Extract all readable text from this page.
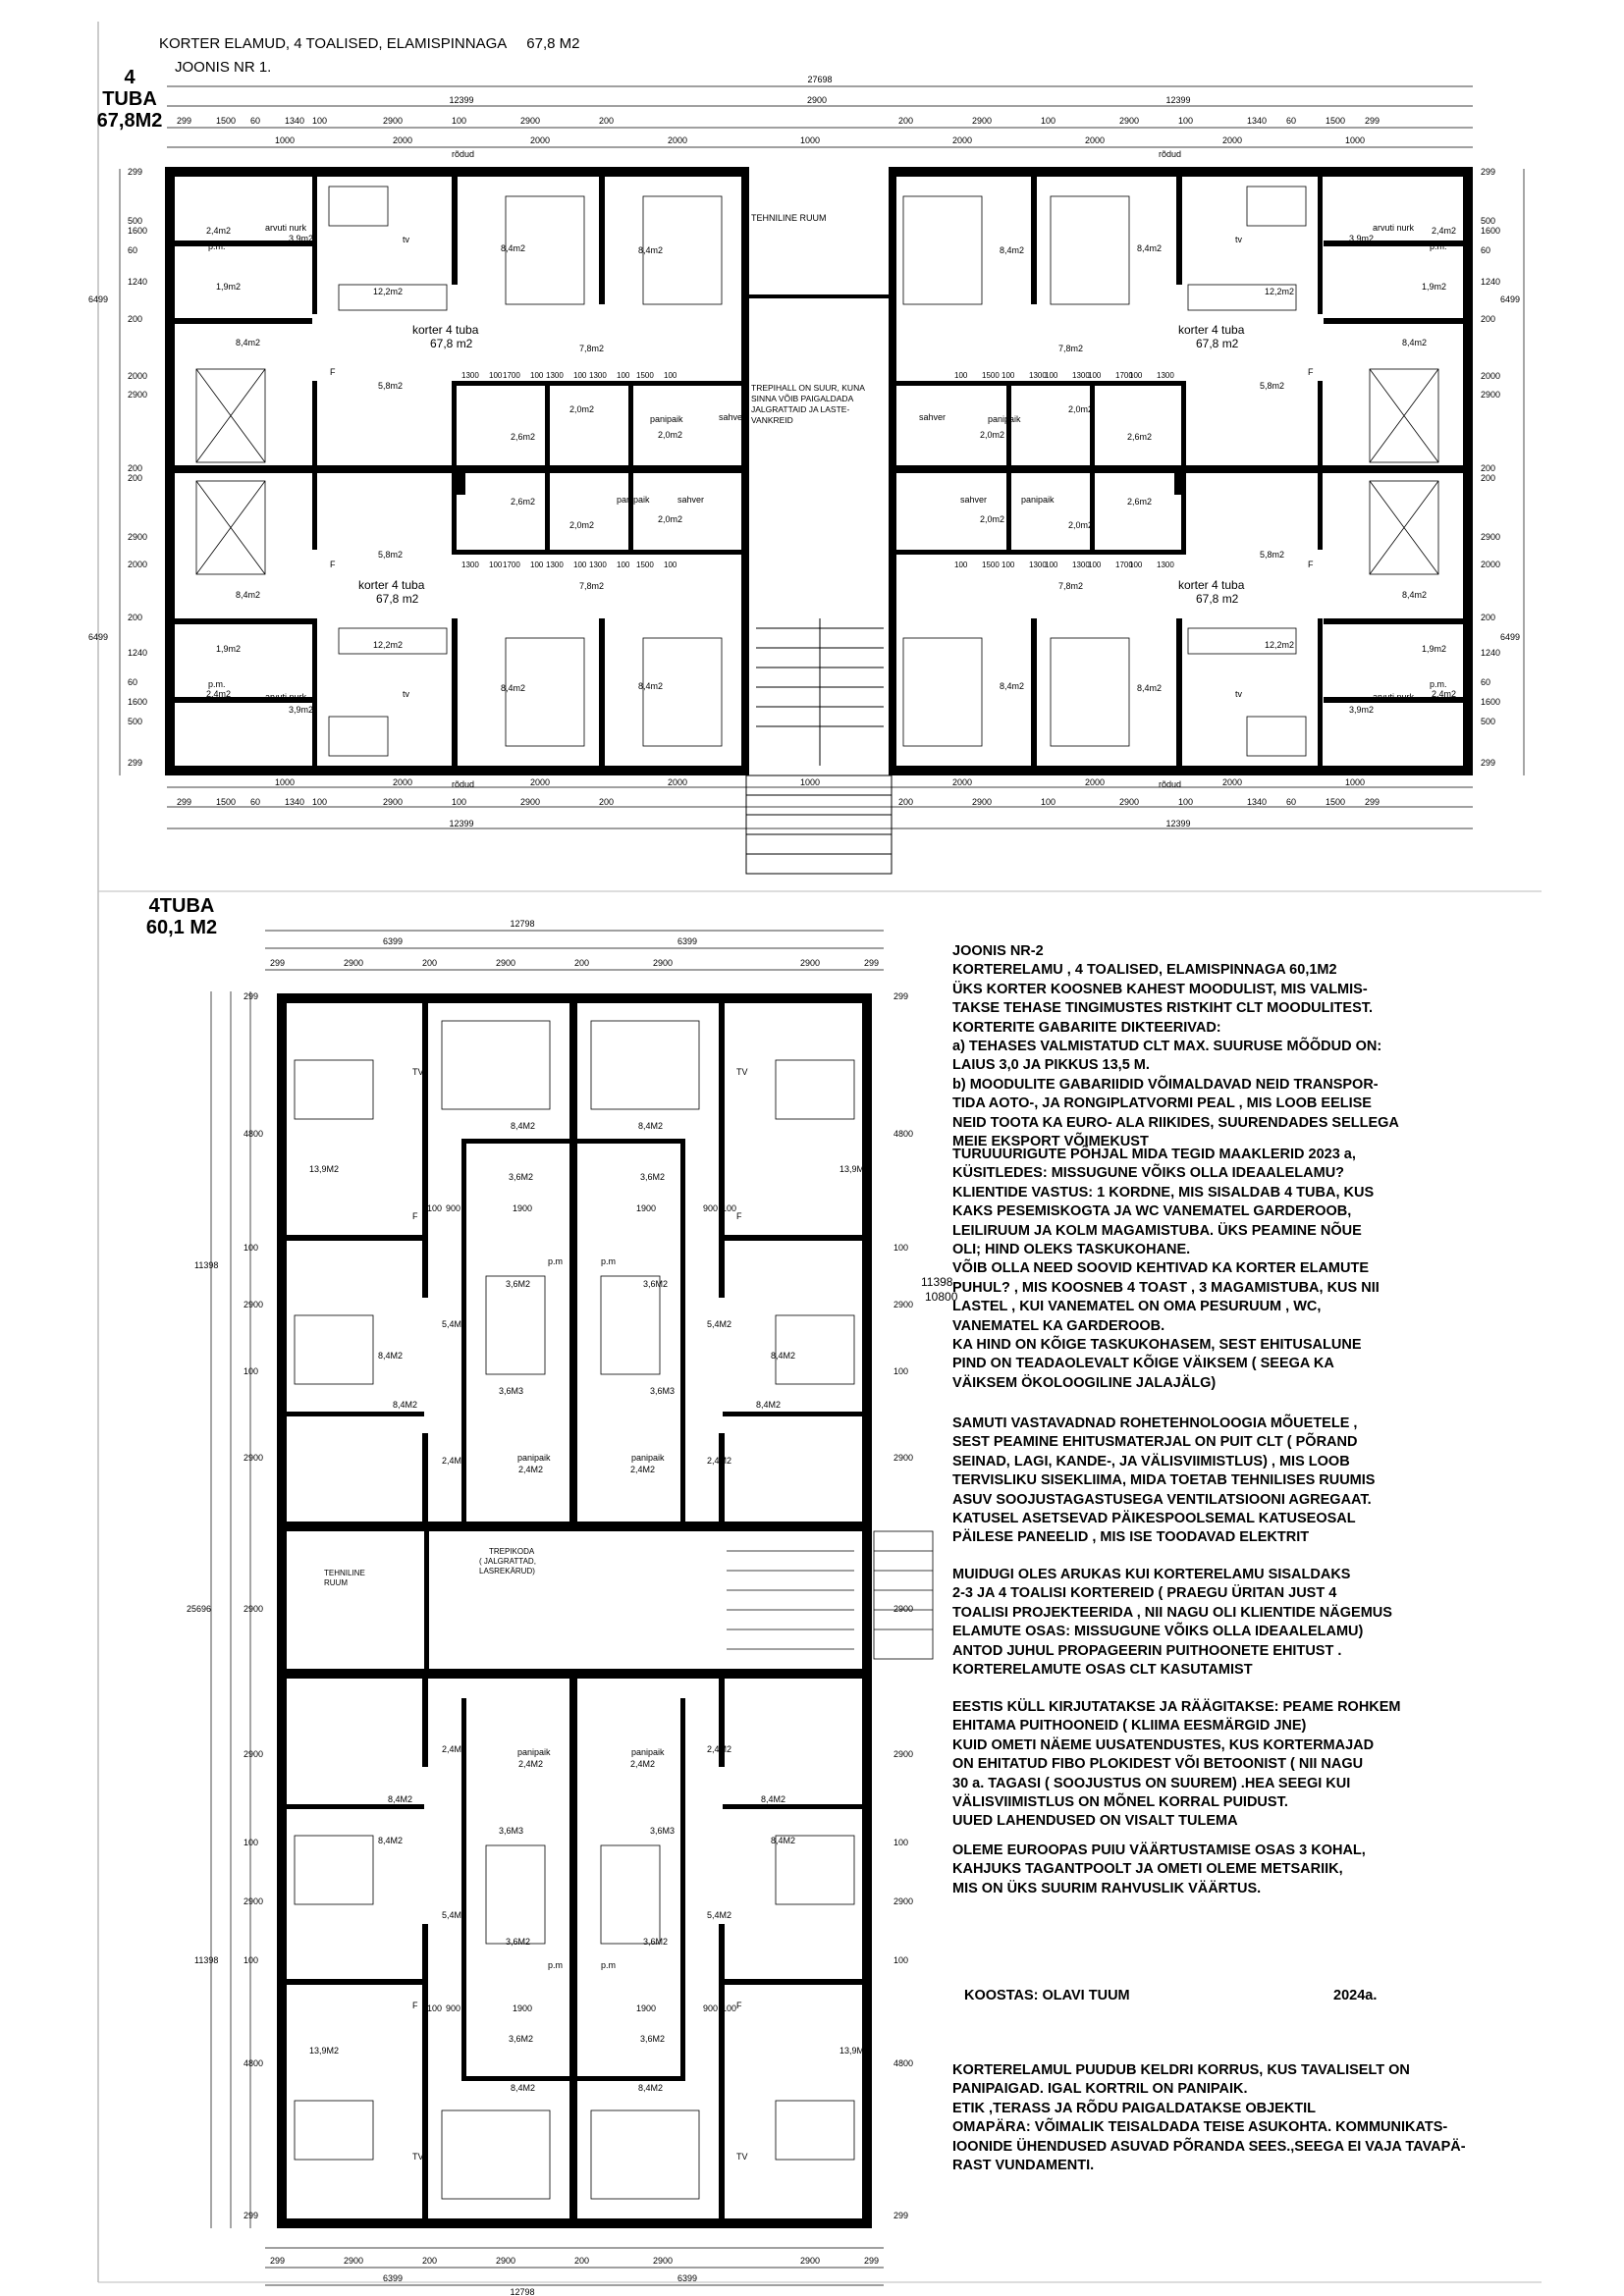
KORTER ELAMUD, 4 TOALISED, ELAMISPINNAGA 67,8 M2
JOONIS NR 1.
4
TUBA
67,8M2
27698
12399	2900	12399
299	1500 60	1340 100	2900	100	2900	200	200	2900	100	2900	100	1340 60	1500 299
1000	2000	2000	2000	1000	2000	2000	2000	1000
299	1500 60	1340 100	2900	100	2900	200	200	2900	100	2900	100	1340 60	1500 299
1000	2000	2000	2000	1000	2000	2000	2000	1000
12399	12399
299	299
500	500
1600	1600
60	60
1240	1240
200	200
2000	2000
2900	2900
200	200
200	200
2900	2900
2000	2000
200	200
1240	1240
60	60
1600	1600
500	500
299	299
6499
6499
6499
6499
rõdud	rõdud
rõdud	rõdud
TEHNILINE RUUM
TREPIHALL ON SUUR, KUNA
SINNA VÕIB PAIGALDADA
JALGRATTAID JA LASTE-
VANKREID
korter 4 tuba
67,8 m2
korter 4 tuba
67,8 m2
korter 4 tuba
67,8 m2
korter 4 tuba
67,8 m2
2,4m2	2,4m2
p.m.	p.m.
arvuti nurk	arvuti nurk
3,9m2	3,9m2
1,9m2	1,9m2
8,4m2	8,4m2
8,4m2	8,4m2
8,4m2	8,4m2
12,2m2	12,2m2
5,8m2	5,8m2
7,8m2	7,8m2
2,6m2	2,6m2
2,0m2	2,0m2
2,0m2	2,0m2
panipaik	panipaik
sahver	sahver
tv	tv
F	F
2,4m2	2,4m2
p.m.	p.m.
arvuti nurk	arvuti nurk
3,9m2	3,9m2
1,9m2	1,9m2
8,4m2	8,4m2
8,4m2	8,4m2
8,4m2	8,4m2
12,2m2	12,2m2
5,8m2	5,8m2
7,8m2	7,8m2
2,6m2	2,6m2
2,0m2	2,0m2
2,0m2	2,0m2
panipaik	panipaik
sahver	sahver
tv	tv
F	F
1300	1300
1300	1300
100	100
100	100
1700	1700
1700	1700
100	100
100	100
1300	1300
1300	1300
100	100
100	100
1300	1300
1300	1300
100	100
100	100
1500	1500
1500	1500
100	100
100	100
4TUBA
60,1 M2	12798
6399	6399
299
299
2900
2900
200
200
2900
2900
200
200
2900
2900
2900
2900
299
299
6399	6399
12798
299	299
4800	4800
100	100
2900	2900
100	100
2900	2900
2900	2900
2900	2900
100	100
2900	2900
100	100
4800	4800
299	299
11398
25696
11398
11398
10800
TEHNILINE
RUUM
TREPIKODA
( JALGRATTAD,
LASREKÄRUD)
8,4M2	8,4M2
13,9M2	13,9M2
TV	TV
F	F
3,6M2	3,6M2
3,6M2	3,6M2
5,4M2	5,4M2
8,4M2	8,4M2
8,4M2	8,4M2
3,6M3	3,6M3
2,4M2	2,4M2
panipaik	panipaik
2,4M2	2,4M2
p.m	p.m
900	900
1900	1900
100	100
2,4M2	2,4M2
panipaik	panipaik
2,4M2	2,4M2
3,6M3	3,6M3
8,4M2	8,4M2
8,4M2	8,4M2
5,4M2	5,4M2
3,6M2	3,6M2
p.m	p.m
3,6M2	3,6M2
900	900
1900	1900
100	100
13,9M2	13,9M2
8,4M2	8,4M2
F	F
TV	TV
JOONIS NR-2
KORTERELAMU , 4 TOALISED, ELAMISPINNAGA 60,1M2
ÜKS KORTER KOOSNEB KAHEST MOODULIST, MIS VALMIS-
TAKSE TEHASE TINGIMUSTES RISTKIHT CLT MOODULITEST.
KORTERITE GABARIITE DIKTEERIVAD:
a) TEHASES VALMISTATUD CLT MAX. SUURUSE MÕÕDUD ON:
LAIUS 3,0 JA PIKKUS 13,5 M.
b) MOODULITE GABARIIDID VÕIMALDAVAD NEID TRANSPOR-
TIDA AOTO-, JA RONGIPLATVORMI PEAL , MIS LOOB EELISE
NEID TOOTA KA EURO- ALA RIIKIDES, SUURENDADES SELLEGA
MEIE EKSPORT VÕIMEKUST
TURUUURIGUTE PÕHJAL MIDA TEGID MAAKLERID 2023 a,
KÜSITLEDES: MISSUGUNE VÕIKS OLLA IDEAALELAMU?
KLIENTIDE VASTUS: 1 KORDNE, MIS SISALDAB 4 TUBA, KUS
KAKS PESEMISKOGTA JA WC VANEMATEL GARDEROOB,
LEILIRUUM JA KOLM MAGAMISTUBA. ÜKS PEAMINE NÕUE
OLI; HIND OLEKS TASKUKOHANE.
VÕIB OLLA NEED SOOVID KEHTIVAD KA KORTER ELAMUTE
PUHUL? , MIS KOOSNEB 4 TOAST , 3 MAGAMISTUBA, KUS NII
LASTEL , KUI VANEMATEL ON OMA PESURUUM , WC,
VANEMATEL KA GARDEROOB.
KA HIND ON KÕIGE TASKUKOHASEM, SEST EHITUSALUNE
PIND ON TEADAOLEVALT KÕIGE VÄIKSEM ( SEEGA KA
VÄIKSEM ÖKOLOOGILINE JALAJÄLG)
SAMUTI VASTAVADNAD ROHETEHNOLOOGIA MÕUETELE ,
SEST PEAMINE EHITUSMATERJAL ON PUIT CLT ( PÕRAND
SEINAD, LAGI, KANDE-, JA VÄLISVIIMISTLUS) , MIS LOOB
TERVISLIKU SISEKLIIMA, MIDA TOETAB TEHNILISES RUUMIS
ASUV SOOJUSTAGASTUSEGA VENTILATSIOONI AGREGAAT.
KATUSEL ASETSEVAD PÄIKESPOOLSEMAL KATUSEOSAL
PÄILESE PANEELID , MIS ISE TOODAVAD ELEKTRIT
MUIDUGI OLES ARUKAS KUI KORTERELAMU SISALDAKS
2-3 JA 4 TOALISI KORTEREID ( PRAEGU ÜRITAN JUST 4
TOALISI PROJEKTEERIDA , NII NAGU OLI KLIENTIDE NÄGEMUS
ELAMUTE OSAS: MISSUGUNE VÕIKS OLLA IDEAALELAMU)
ANTOD JUHUL PROPAGEERIN PUITHOONETE EHITUST .
KORTERELAMUTE OSAS CLT KASUTAMIST
EESTIS KÜLL KIRJUTATAKSE JA RÄÄGITAKSE: PEAME ROHKEM
EHITAMA PUITHOONEID ( KLIIMA EESMÄRGID JNE)
KUID OMETI NÄEME UUSATENDUSTES, KUS KORTERMAJAD
ON EHITATUD FIBO PLOKIDEST VÕI BETOONIST ( NII NAGU
30 a. TAGASI ( SOOJUSTUS ON SUUREM) .HEA SEEGI KUI
VÄLISVIIMISTLUS ON MÕNEL KORRAL PUIDUST.
UUED LAHENDUSED ON VISALT TULEMA
OLEME EUROOPAS PUIU VÄÄRTUSTAMISE OSAS 3 KOHAL,
KAHJUKS TAGANTPOOLT JA OMETI OLEME METSARIIK,
MIS ON ÜKS SUURIM RAHVUSLIK VÄÄRTUS.
KOOSTAS: OLAVI TUUM	2024a.
KORTERELAMUL PUUDUB KELDRI KORRUS, KUS TAVALISELT ON
PANIPAIGAD. IGAL KORTRIL ON PANIPAIK.
ETIK ,TERASS JA RÕDU PAIGALDATAKSE OBJEKTIL
OMAPÄRA: VÕIMALIK TEISALDADA TEISE ASUKOHTA. KOMMUNIKATS-
IOONIDE ÜHENDUSED ASUVAD PÕRANDA SEES.,SEEGA EI VAJA TAVAPÄ-
RAST VUNDAMENTI.
